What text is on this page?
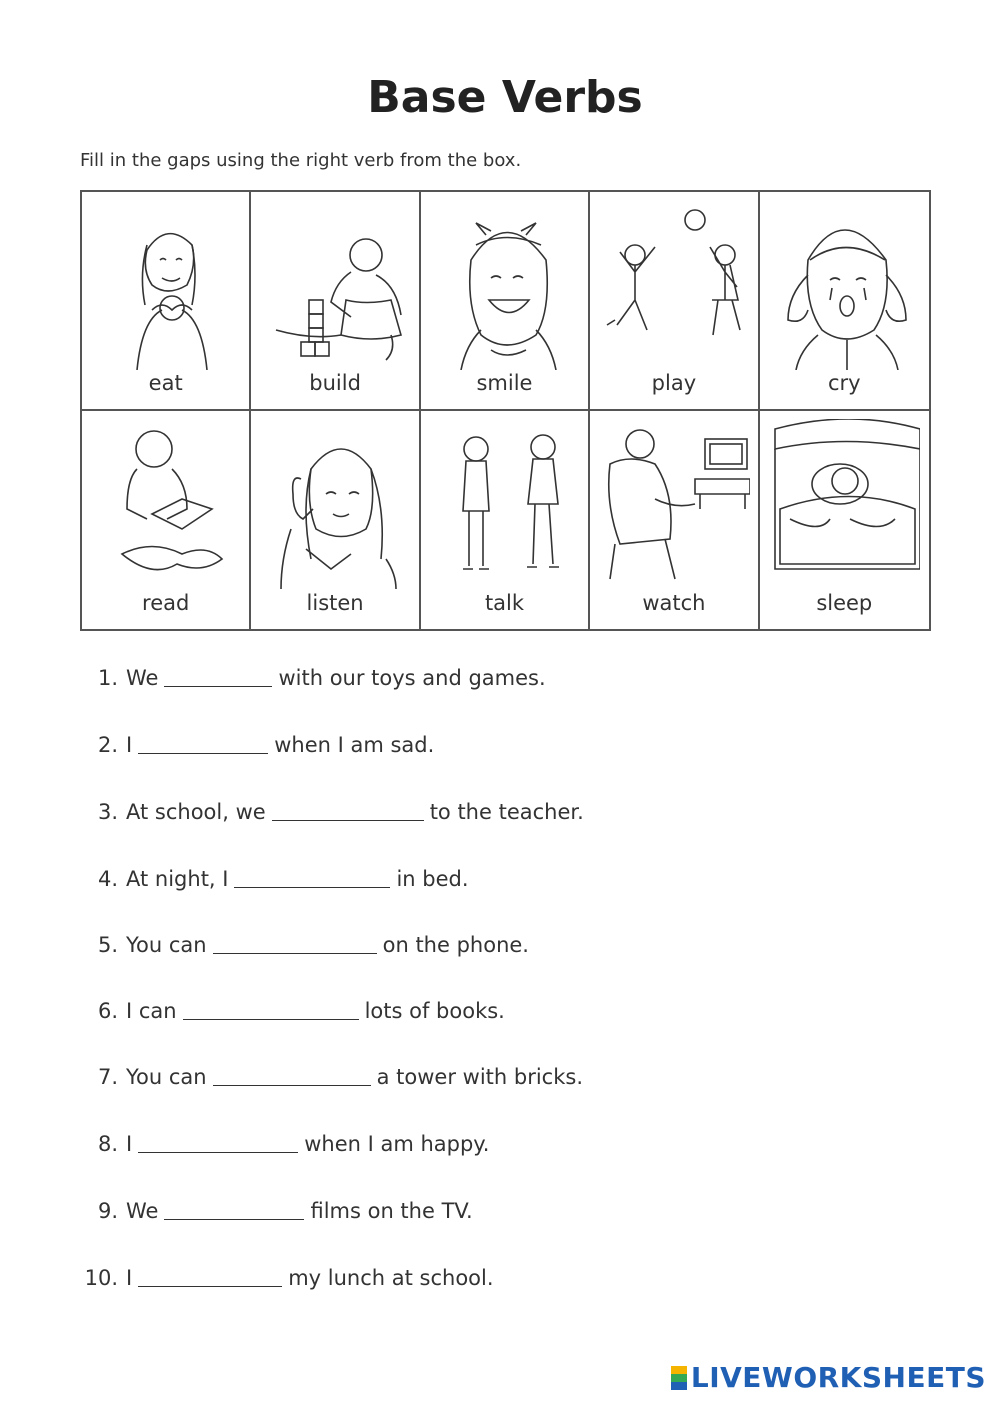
Base Verbs
Fill in the gaps using the right verb from the box.
eat	build	smile	play	cry
read	listen	talk	watch	sleep
1. We	with our toys and games.
2. I	when I am sad.
3. At school, we	to the teacher.
4. At night, I	in bed.
5. You can	on the phone.
6. I can	lots of books.
7. You can	a tower with bricks.
8. I	when I am happy.
9. We	films on the TV.
10. I	my lunch at school.
LIVEWORKSHEETS
